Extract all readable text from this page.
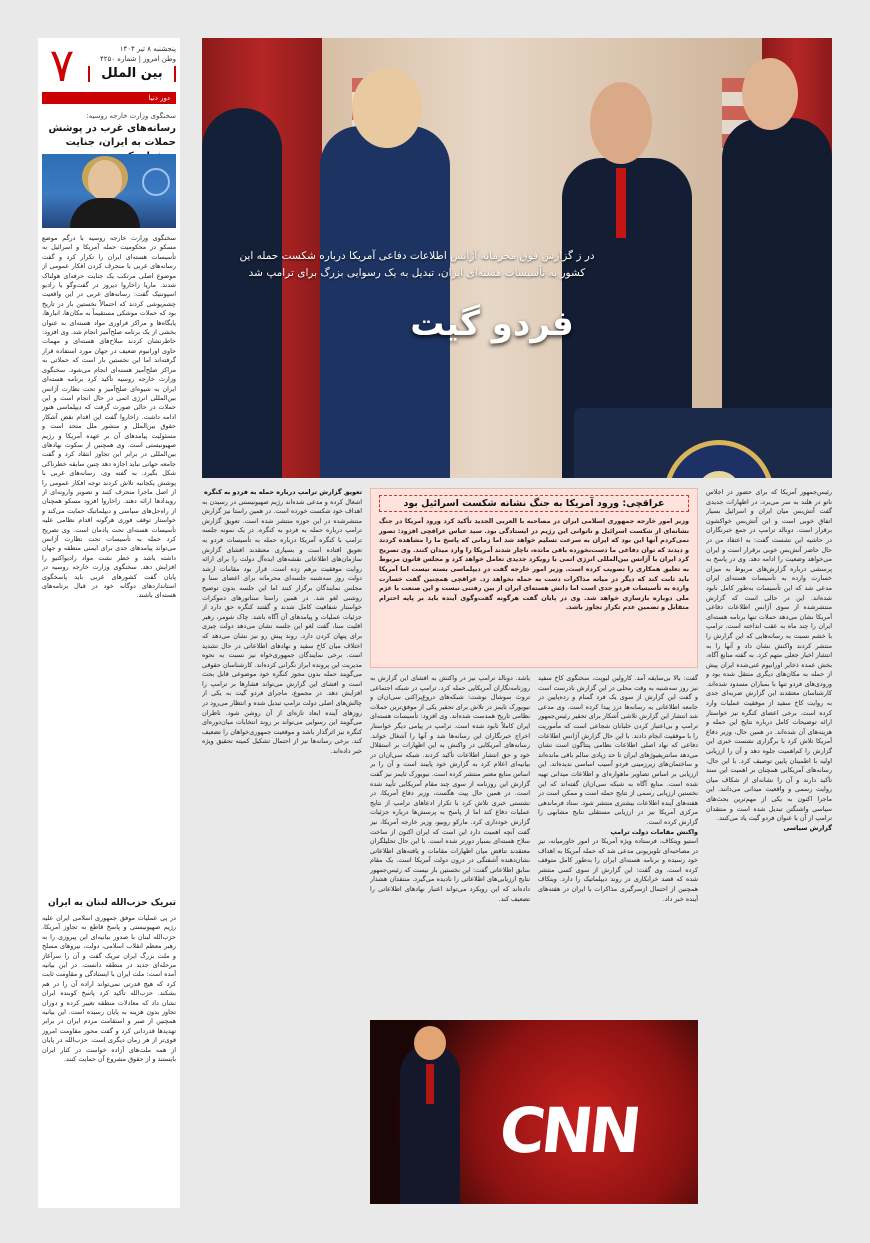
۷	پنجشنبه ۸ تیر ۱۴۰۴
وطن امروز | شماره ۴۲۵۰
بین الملل
دور دنیا
سخنگوی وزارت خارجه روسیه:
رسانه‌های غرب در پوشش حملات به ایران، جنایت
سخنگوی وزارت خارجه روسیه با درگم موضع مسکو در محکومیت حمله آمریکا و اسرائیل به تأسیسات هسته‌ای ایران را تکرار کرد و گفت رسانه‌های غربی با منحرف کردن افکار عمومی از موضوع اصلی مرتکب یک جنایت حرفه‌ای هولناک شدند. ماریا زاخاروا دیروز در گفت‌وگو با رادیو اسپوتنیک گفت: رسانه‌های غربی در این واقعیت چشم‌پوشی کردند که احتمالاً نخستین بار در تاریخ بود که حملات موشکی مستقیماً به مکان‌ها، انبارها، پایگاه‌ها و مراکز فراوری مواد هسته‌ای به عنوان بخشی از یک برنامه صلح‌آمیز انجام شد. وی افزود: خاطرنشان کردند سلاح‌های هسته‌ای و مهمات حاوی اورانیوم ضعیف در جهان مورد استفاده قرار گرفته‌اند اما این نخستین بار است که حملاتی به مراکز صلح‌آمیز هسته‌ای انجام می‌شود. سخنگوی وزارت خارجه روسیه تأکید کرد برنامه هسته‌ای ایران به شیوه‌ای صلح‌آمیز و تحت نظارت آژانس بین‌المللی انرژی اتمی در حال انجام است و این حملات در حالی صورت گرفت که دیپلماسی هنوز ادامه داشت. زاخاروا گفت این اقدام نقض آشکار حقوق بین‌الملل و منشور ملل متحد است و مسئولیت پیامدهای آن بر عهده آمریکا و رژیم صهیونیستی است. وی همچنین از سکوت نهادهای بین‌المللی در برابر این تجاوز انتقاد کرد و گفت جامعه جهانی نباید اجازه دهد چنین سابقه خطرناکی شکل بگیرد. به گفته وی، رسانه‌های غربی با پوشش یکجانبه تلاش کردند توجه افکار عمومی را از اصل ماجرا منحرف کنند و تصویر وارونه‌ای از رویدادها ارائه دهند. زاخاروا افزود مسکو همچنان از راه‌حل‌های سیاسی و دیپلماتیک حمایت می‌کند و خواستار توقف فوری هرگونه اقدام نظامی علیه تأسیسات هسته‌ای تحت پادمان است. وی تصریح کرد حمله به تأسیسات تحت نظارت آژانس می‌تواند پیامدهای جدی برای ایمنی منطقه و جهان داشته باشد و خطر نشت مواد رادیواکتیو را افزایش دهد. سخنگوی وزارت خارجه روسیه در پایان گفت کشورهای غربی باید پاسخگوی استانداردهای دوگانه خود در قبال برنامه‌های هسته‌ای باشند.
تبریک حزب‌الله لبنان به ایران
در پی عملیات موفق جمهوری اسلامی ایران علیه رژیم صهیونیستی و پاسخ قاطع به تجاوز آمریکا، حزب‌الله لبنان با صدور بیانیه‌ای این پیروزی را به رهبر معظم انقلاب اسلامی، دولت، نیروهای مسلح و ملت بزرگ ایران تبریک گفت و آن را سرآغاز مرحله‌ای جدید در منطقه دانست. در این بیانیه آمده است: ملت ایران با ایستادگی و مقاومت ثابت کرد که هیچ قدرتی نمی‌تواند اراده آن را در هم بشکند. حزب‌الله تأکید کرد پاسخ کوبنده ایران نشان داد که معادلات منطقه تغییر کرده و دوران تجاوز بدون هزینه به پایان رسیده است. این بیانیه همچنین از صبر و استقامت مردم ایران در برابر تهدیدها قدردانی کرد و گفت محور مقاومت امروز قوی‌تر از هر زمان دیگری است. حزب‌الله در پایان از همه ملت‌های آزاده خواست در کنار ایران بایستند و از حقوق مشروع آن حمایت کنند.
در ز گزارش فوق محرمانه آژانس اطلاعات دفاعی آمریکا درباره شکست حمله این کشور به تأسیسات هسته‌ای ایران، تبدیل به یک رسوایی بزرگ برای ترامپ شد
فردو گیت
عراقچی: ورود آمریکا به جنگ نشانه شکست اسرائیل بود
وزیر امور خارجه جمهوری اسلامی ایران در مصاحبه با العربی الجدید تأکید کرد ورود آمریکا در جنگ نشانه‌ای از شکست اسرائیل و ناتوانی این رژیم در ایستادگی بود. سید عباس عراقچی افزود: تصور نمی‌کردم آنها این بود که ایران به سرعت تسلیم خواهد شد اما زمانی که پاسخ ما را مشاهده کردند و دیدند که توان دفاعی ما دست‌نخورده باقی مانده، ناچار شدند آمریکا را وارد میدان کنند. وی تصریح کرد ایران با آژانس بین‌المللی انرژی اتمی با رویکرد جدیدی تعامل خواهد کرد و مجلس قانون مربوط به تعلیق همکاری را تصویب کرده است. وزیر امور خارجه گفت درِ دیپلماسی بسته نیست اما آمریکا باید ثابت کند که دیگر در میانه مذاکرات دست به حمله نخواهد زد. عراقچی همچنین گفت خسارت وارده به تأسیسات فردو جدی است اما دانش هسته‌ای ایران از بین رفتنی نیست و این صنعت با عزم ملی دوباره بازسازی خواهد شد. وی در پایان گفت هرگونه گفت‌وگوی آینده باید بر پایه احترام متقابل و تضمین عدم تکرار تجاوز باشد.
رئیس‌جمهور آمریکا که برای حضور در اجلاس ناتو در هلند به سر می‌برد، در اظهارات جدیدی گفت آتش‌بس میان ایران و اسرائیل بسیار اتفاق خوبی است و این آتش‌بس خواکشون برقرار است. دونالد ترامپ در جمع خبرنگاران در حاشیه این نشست گفت: به اعتقاد من در حال حاضر آتش‌بس خوبی برقرار است و ایران می‌خواهد وضعیت را ادامه دهد. وی در پاسخ به پرسشی درباره گزارش‌های مربوط به میزان خسارت وارده به تأسیسات هسته‌ای ایران مدعی شد که این تأسیسات به‌طور کامل نابود شده‌اند. این در حالی است که گزارش منتشرشده از سوی آژانس اطلاعات دفاعی آمریکا نشان می‌دهد حملات تنها برنامه هسته‌ای ایران را چند ماه به عقب انداخته است. ترامپ با خشم نسبت به رسانه‌هایی که این گزارش را منتشر کردند واکنش نشان داد و آنها را به انتشار اخبار جعلی متهم کرد. به گفته منابع آگاه، بخش عمده ذخایر اورانیوم غنی‌شده ایران پیش از حمله به مکان‌های دیگری منتقل شده بود و ورودی‌های فردو تنها با بمباران مسدود شده‌اند. کارشناسان معتقدند این گزارش ضربه‌ای جدی به روایت کاخ سفید از موفقیت عملیات وارد کرده است. برخی اعضای کنگره نیز خواستار ارائه توضیحات کامل درباره نتایج این حمله و هزینه‌های آن شده‌اند. در همین حال، وزیر دفاع آمریکا تلاش کرد با برگزاری نشست خبری این گزارش را کم‌اهمیت جلوه دهد و آن را ارزیابی اولیه با اطمینان پایین توصیف کرد. با این حال، رسانه‌های آمریکایی همچنان بر اهمیت این سند تأکید دارند و آن را نشانه‌ای از شکاف میان روایت رسمی و واقعیت میدانی می‌دانند. این ماجرا اکنون به یکی از مهم‌ترین بحث‌های سیاسی واشنگتن تبدیل شده است و منتقدان ترامپ از آن با عنوان فردو گیت یاد می‌کنند.
گزارش سیاسی
گفت: بالا بی‌سابقه آمد. کارولین لیویت، سخنگوی کاخ سفید نیز روز سه‌شنبه به وقت محلی در این گزارش نادرست است و گفت این گزارش از سوی یک فرد گمنام و رده‌پایین در جامعه اطلاعاتی به رسانه‌ها درز پیدا کرده است. وی مدعی شد انتشار این گزارش تلاشی آشکار برای تحقیر رئیس‌جمهور ترامپ و بی‌اعتبار کردن خلبانان شجاعی است که مأموریت را با موفقیت انجام دادند. با این حال گزارش آژانس اطلاعات دفاعی که نهاد اصلی اطلاعات نظامی پنتاگون است نشان می‌دهد سانتریفیوژهای ایران تا حد زیادی سالم باقی مانده‌اند و ساختمان‌های زیرزمینی فردو آسیب اساسی ندیده‌اند. این ارزیابی بر اساس تصاویر ماهواره‌ای و اطلاعات میدانی تهیه شده است. منابع آگاه به شبکه سی‌ان‌ان گفته‌اند که این نخستین ارزیابی رسمی از نتایج حمله است و ممکن است در هفته‌های آینده اطلاعات بیشتری منتشر شود. ستاد فرماندهی مرکزی آمریکا نیز در ارزیابی مستقلی نتایج مشابهی را گزارش کرده است.
واکنش مقامات دولت ترامپ
استیو ویتکاف، فرستاده ویژه آمریکا در امور خاورمیانه، نیز در مصاحبه‌ای تلویزیونی مدعی شد که حمله آمریکا به اهداف خود رسیده و برنامه هسته‌ای ایران را به‌طور کامل متوقف کرده است. وی گفت: این گزارش از سوی کسی منتشر شده که قصد خرابکاری در روند دیپلماتیک را دارد. ویتکاف همچنین از احتمال ازسرگیری مذاکرات با ایران در هفته‌های آینده خبر داد.
باشد. دونالد ترامپ نیز در واکنش به افشای این گزارش به روزنامه‌نگاران آمریکایی حمله کرد. ترامپ در شبکه اجتماعی تروث سوشال نوشت: شبکه‌های دروغ‌پراکنی سی‌ان‌ان و نیویورک تایمز در تلاش برای تحقیر یکی از موفق‌ترین حملات نظامی تاریخ همدست شده‌اند. وی افزود: تأسیسات هسته‌ای ایران کاملاً نابود شده است. ترامپ در پیامی دیگر خواستار اخراج خبرنگاران این رسانه‌ها شد و آنها را آشغال خواند. رسانه‌های آمریکایی در واکنش به این اظهارات بر استقلال خود و حق انتشار اطلاعات تأکید کردند. شبکه سی‌ان‌ان در بیانیه‌ای اعلام کرد به گزارش خود پایبند است و آن را بر اساس منابع معتبر منتشر کرده است. نیویورک تایمز نیز گفت گزارش این روزنامه از سوی چند مقام آمریکایی تأیید شده است. در همین حال پیت هگست، وزیر دفاع آمریکا، در نشستی خبری تلاش کرد با تکرار ادعاهای ترامپ از نتایج عملیات دفاع کند اما از پاسخ به پرسش‌ها درباره جزئیات گزارش خودداری کرد. مارکو روبیو، وزیر خارجه آمریکا، نیز گفت آنچه اهمیت دارد این است که ایران اکنون از ساخت سلاح هسته‌ای بسیار دورتر شده است. با این حال تحلیلگران معتقدند تناقض میان اظهارات مقامات و یافته‌های اطلاعاتی نشان‌دهنده آشفتگی در درون دولت آمریکا است. یک مقام سابق اطلاعاتی گفت: این نخستین بار نیست که رئیس‌جمهور نتایج ارزیابی‌های اطلاعاتی را نادیده می‌گیرد. منتقدان هشدار داده‌اند که این رویکرد می‌تواند اعتبار نهادهای اطلاعاتی را تضعیف کند.
تعویق گزارش ترامپ درباره حمله به فردو به کنگره
اشغال کرده و مدعی شده‌اند رژیم صهیونیستی در رسیدن به اهداف خود شکست خورده است. در همین راستا نیز گزارش منتشرشده در این حوزه منتشر شده است. تعویق گزارش ترامپ درباره حمله به فردو به کنگره. در یک نمونه جلسه ترامپ با کنگره آمریکا درباره حمله به تأسیسات فردو به تعویق افتاده است و بسیاری معتقدند افشای گزارش سازمان‌های اطلاعاتی نقشه‌های ایده‌آل دولت را برای ارائه روایت موفقیت برهم زده است. قرار بود مقامات ارشد دولت روز سه‌شنبه جلسه‌ای محرمانه برای اعضای سنا و مجلس نمایندگان برگزار کنند اما این جلسه بدون توضیح روشنی لغو شد. در همین راستا سناتورهای دموکرات خواستار شفافیت کامل شدند و گفتند کنگره حق دارد از جزئیات عملیات و پیامدهای آن آگاه باشد. چاک شومر، رهبر اقلیت سنا، گفت لغو این جلسه نشان می‌دهد دولت چیزی برای پنهان کردن دارد. روند پیش رو نیز نشان می‌دهد که اختلاف میان کاخ سفید و نهادهای اطلاعاتی در حال تشدید است. برخی نمایندگان جمهوری‌خواه نیز نسبت به نحوه مدیریت این پرونده ابراز نگرانی کرده‌اند. کارشناسان حقوقی می‌گویند حمله بدون مجوز کنگره خود موضوعی قابل بحث است و افشای این گزارش می‌تواند فشارها بر ترامپ را افزایش دهد. در مجموع، ماجرای فردو گیت به یکی از چالش‌های اصلی دولت ترامپ تبدیل شده و انتظار می‌رود در روزهای آینده ابعاد تازه‌ای از آن روشن شود. ناظران می‌گویند این رسوایی می‌تواند بر روند انتخابات میان‌دوره‌ای کنگره نیز اثرگذار باشد و موقعیت جمهوری‌خواهان را تضعیف کند. برخی رسانه‌ها نیز از احتمال تشکیل کمیته تحقیق ویژه خبر داده‌اند.
CNN
